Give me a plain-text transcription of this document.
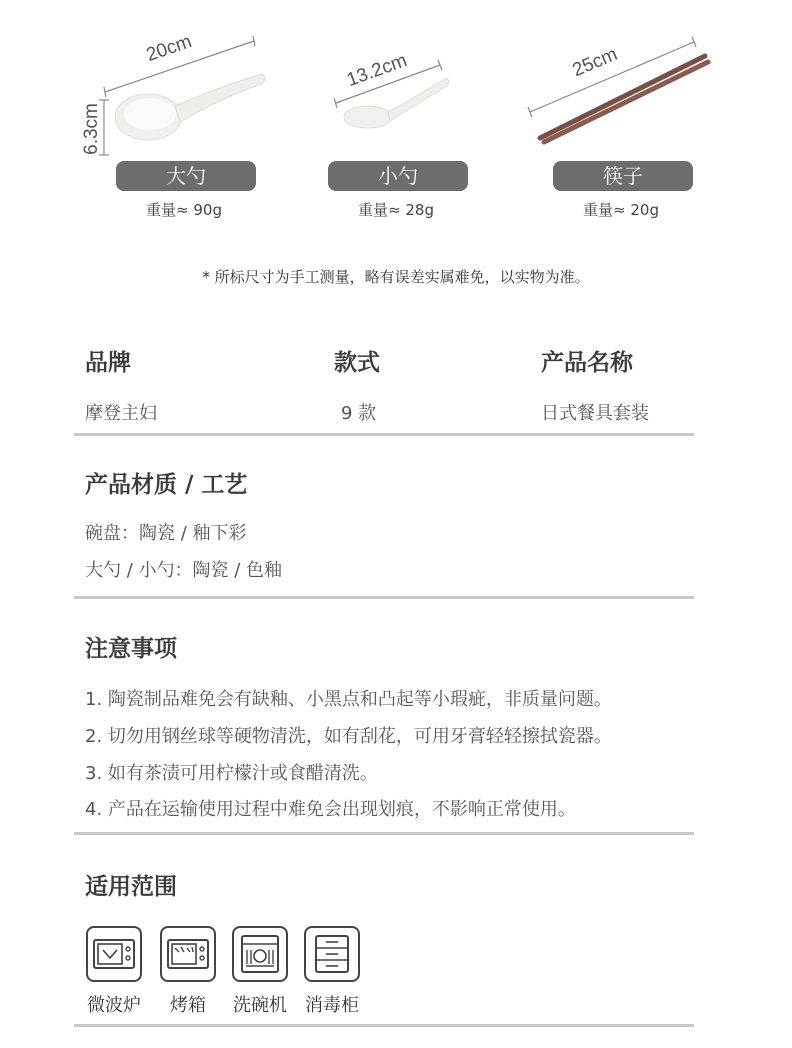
20cm
6.3cm
13.2cm	25cm
大勺	小勺	筷子
重量≈ 90g	重量≈ 28g	重量≈ 20g
* 所标尺寸为手工测量，略有误差实属难免，以实物为准。
品牌	款式	产品名称
摩登主妇	9 款	日式餐具套装
产品材质 / 工艺
碗盘：陶瓷 / 釉下彩
大勺 / 小勺：陶瓷 / 色釉
注意事项
1. 陶瓷制品难免会有缺釉、小黑点和凸起等小瑕疵，非质量问题。
2. 切勿用钢丝球等硬物清洗，如有刮花，可用牙膏轻轻擦拭瓷器。
3. 如有茶渍可用柠檬汁或食醋清洗。
4. 产品在运输使用过程中难免会出现划痕，不影响正常使用。
适用范围
微波炉	烤箱	洗碗机	消毒柜
